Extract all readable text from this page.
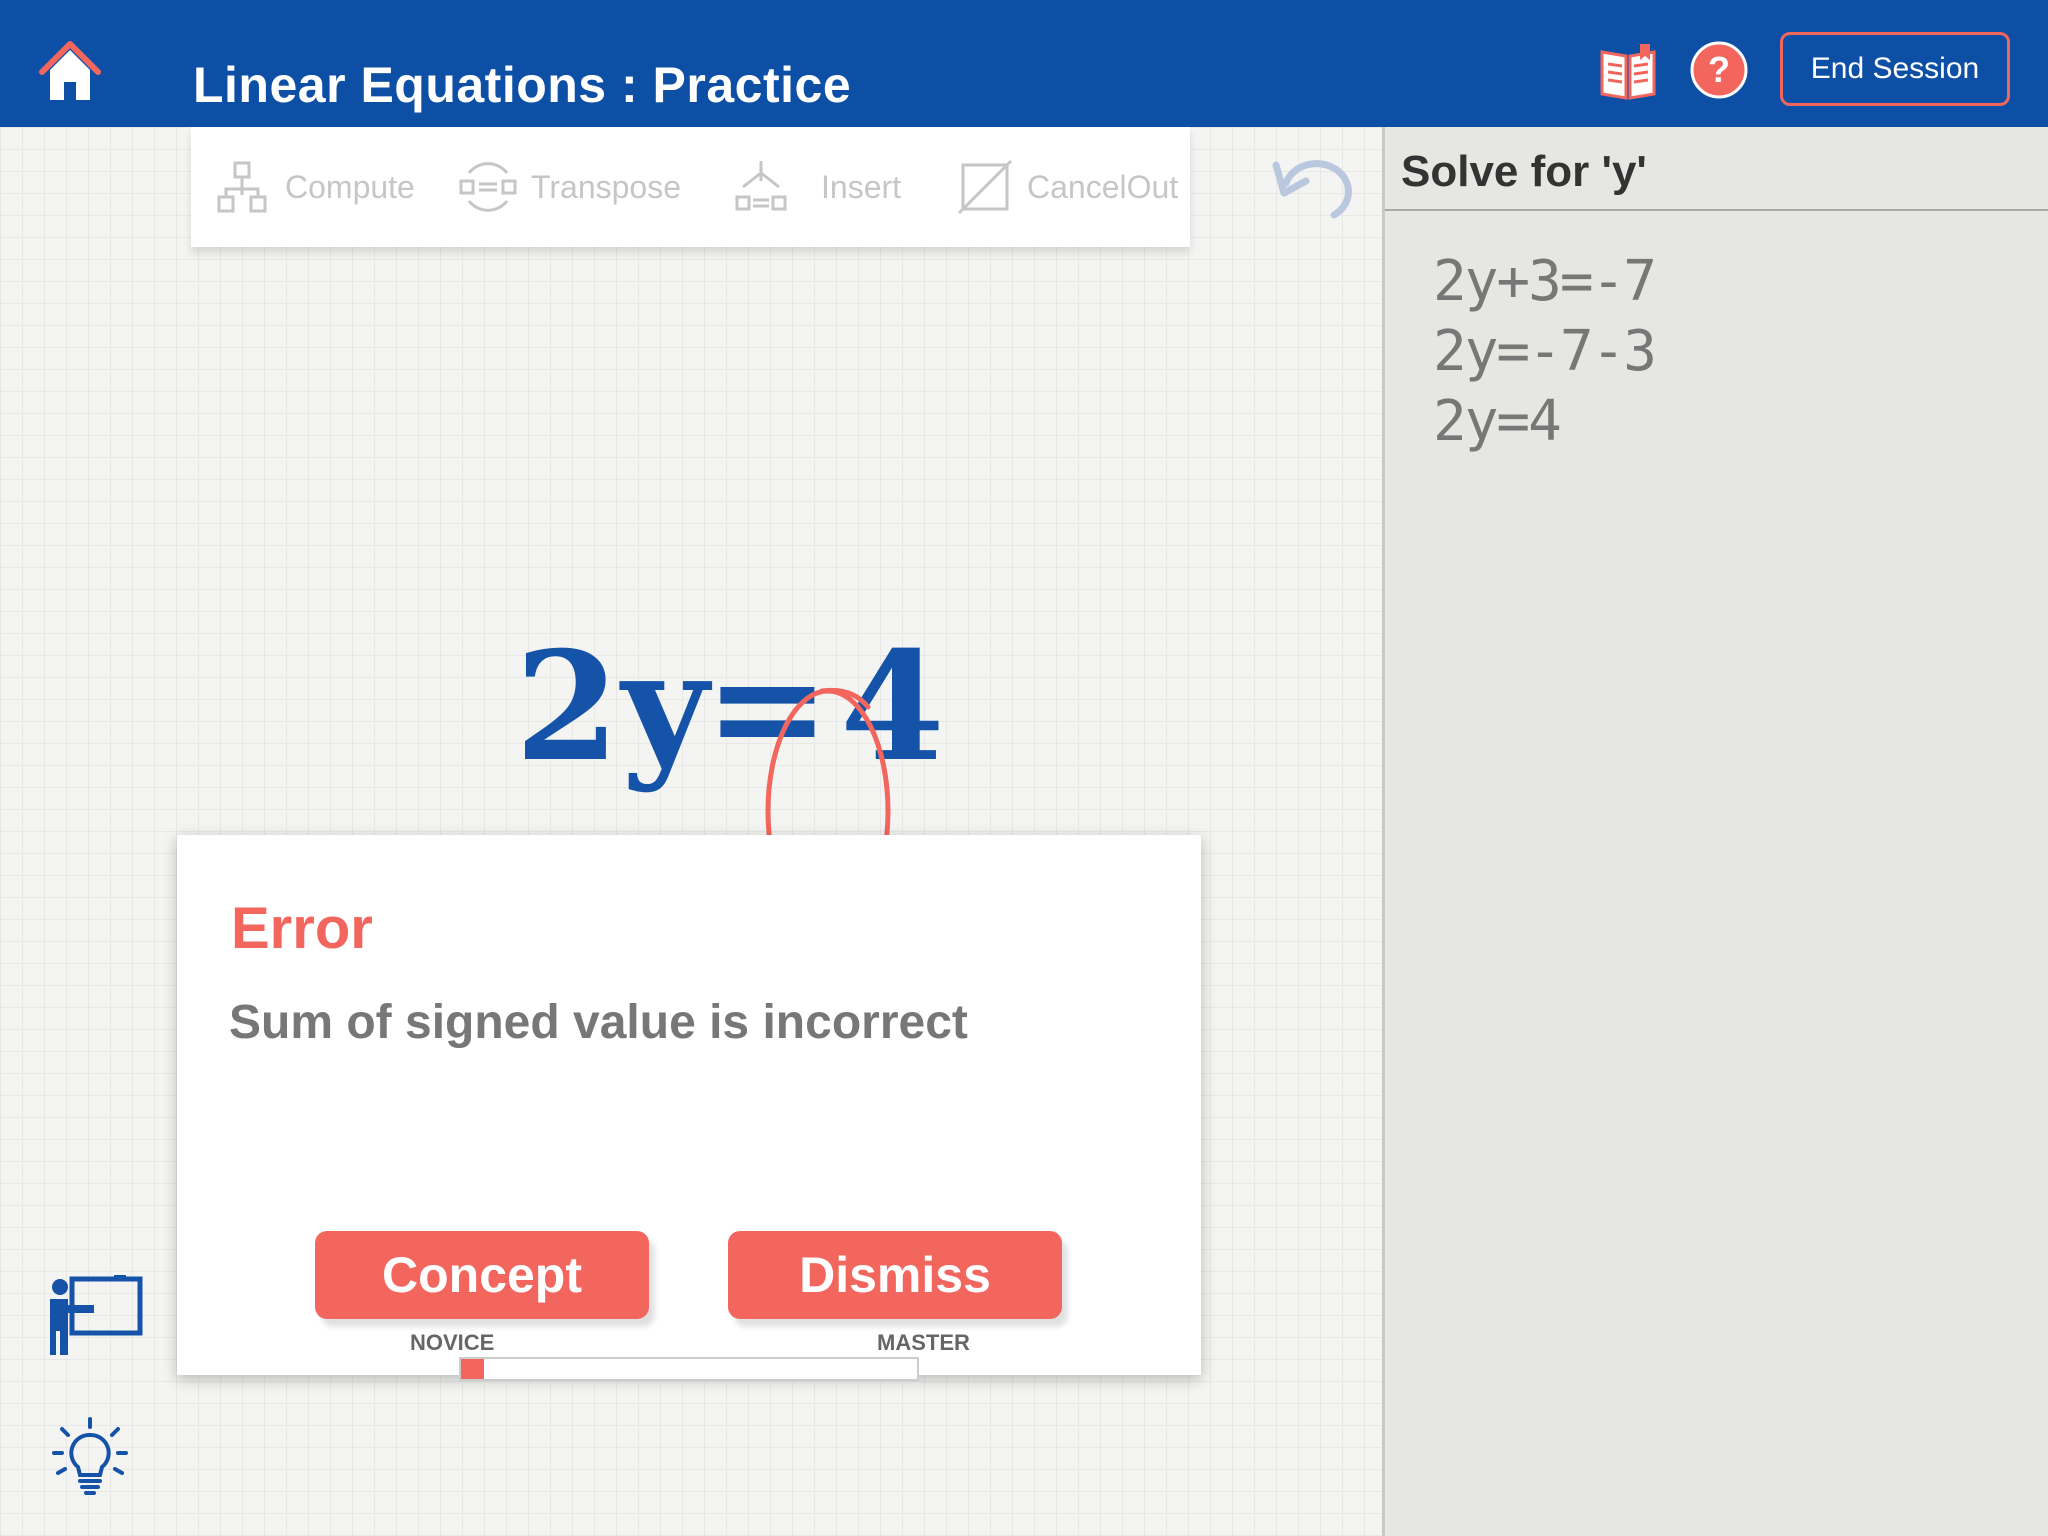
Linear Equations : Practice	?	End Session
Compute	Transpose	Insert	CancelOut
2 y = 4
Error
Sum of signed value is incorrect
Concept	Dismiss
NOVICE	MASTER
Solve for 'y'
2y+3=-7
2y=-7-3
2y=4
